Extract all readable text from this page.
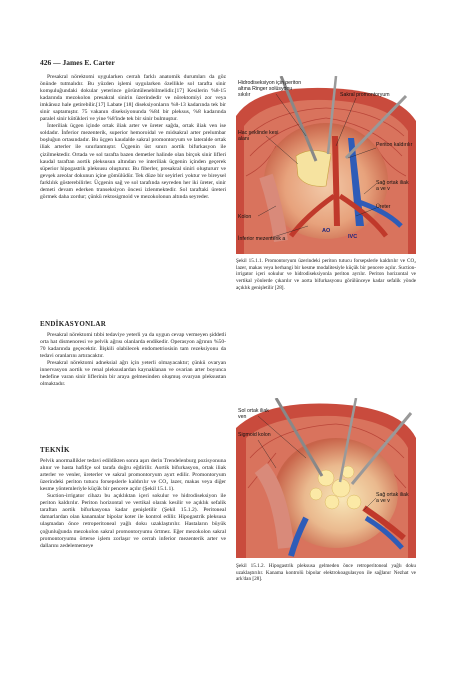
426 — James E. Carter

Presakral nörektomi uygularken cerrah farklı anatomik durumları da göz önünde tutmalıdır. Bu yüzden işlemi uygularken özellikle sol tarafta sinir komşuluğundaki dokular yeterince görüntülenebilmelidir.[17] Kesilerin %8-15 kadarında mezokolon presakral sinirin üzerindedir ve nörektomiyi zor veya imkânsız hale getirebilir.[17] Labate [18] diseksiyonların %8-13 kadarında tek bir sinir saptamıştır. 75 vakanın diseksiyonunda %84 bir pleksus, %8 kadarında paralel sinir kütükleri ve yine %8'inde tek bir sinir bulmuştur.

İnteriliak üçgen içinde ortak iliak arter ve üreter sağda, ortak iliak ven ise soldadır. İnferior mezenterik, superior hemoroidal ve midsakral arter prelumbar boşluğun ortasındadır. Bu üçgen kaudalde sakral promontoryum ve lateralde ortak iliak arterler ile sınırlanmıştır. Üçgenin üst sınırı aortik bifurkasyon ile çizilmektedir. Ortada ve sol tarafta bazen demetler halinde olan birçok sinir lifleri kaudal taraftan aortik pleksusun altından ve interiliak üçgenin içinden geçerek süperior hipogastrik pleksusu oluşturur. Bu fiberler, presakral siniri oluştururr ve gevşek areolar dokunun içine gömülüdür. Tek düze bir seyirleri yoktur ve bireysel farklılık gösterebilirler. Üçgenin sağ ve sol tarafında seyreden her iki üreter, sinir demeti devam ederken transeksiyon öncesi izlenmektedir. Sol taraftaki üreteri görmek daha zordur; çünkü rektosigmoid ve mezokolonun altında seyreder.

ENDİKASYONLAR

Presakral nörektomi tıbbi tedaviye yeterli ya da uygun cevap vermeyen şiddetli orta hat dismenoresi ve pelvik ağrısı olanlarda endikedir. Operasyon ağrının %50-70 kadarında geçecektir. İlişkili olabilecek endometriosisin tam rezeksiyonu da tedavi oranlarını artıracaktır.

Presakral nörektomi adneksial ağrı için yeterli olmayacaktır; çünkü ovaryan innervasyon aortik ve renal pleksuslardan kaynaklanan ve ovarian arter boyunca hedefine varan sinir liflerinin bir araya gelmesinden oluşmuş ovaryan pleksustan olmaktadır.

TEKNİK

Pelvik anormallikler tedavi edildikten sonra aşırı derin Trendelenburg pozisyonuna alınır ve hasta hafifçe sol tarafa doğru eğdirilir. Aortik bifurkasyon, ortak iliak arterler ve venler, üreterler ve sakral promontoryum ayırt edilir. Promontoryum üzerindeki periton tutucu forsepslerle kaldırılır ve CO₂ lazer, makas veya diğer kesme yöntemleriyle küçük bir pencere açılır (Şekil 15.1.1).

Suction-irrigator cihazı bu açıklıktan içeri sokulur ve hidrodiseksiyon ile periton kaldırılır. Periton horizontal ve vertikal olarak kesilir ve açıklık sefalik taraftan aortik bifurkasyona kadar genişletilir (Şekil 15.1.2). Peritoneal damarlardan olan kanamalar bipolar koter ile kontrol edilir. Hipogastrik pleksusa ulaşmadan önce retroperitoneal yağlı doku uzaklaştırılır. Hastaların büyük çoğunluğunda mezokolon sakral promontoryumu örtmez. Eğer mezokolon sakral promontoryumu örterse işlem zorlaşır ve cerrah inferior mezenterik arter ve dallarını zedelememeye

Hidrodiseksiyon için periton altına Ringer solüsyonu sıkılır	Sakral promontoryum
Hac şeklinde kesi alanı
Periton kaldırılır
Sağ ortak iliak a ve v
Üreter
Kolon
İnferior mezenterik a
AO
IVC
Şekil 15.1.1. Promontoryum üzerindeki periton tutucu forsepslerle kaldırılır ve CO₂ lazer, makas veya herhangi bir kesme modalitesiyle küçük bir pencere açılır. Suction-irrigator içeri sokulur ve hidrodiseksiyonla periton ayrılır. Periton horizontal ve vertikal yönlerde çıkarılır ve aorta bifurkasyonu görülünceye kadar sefalik yönde açıklık genişletilir [28].
Sol ortak iliak ven
Sigmoid kolon
Sağ ortak iliak a ve v
Şekil 15.1.2. Hipogastrik pleksusa gelmeden önce retroperitoneal yağlı doku uzaklaştırılır. Kanama kontrolü bipolar elektrokoagulasyon ile sağlanır Nezhat ve ark'dan [28].
